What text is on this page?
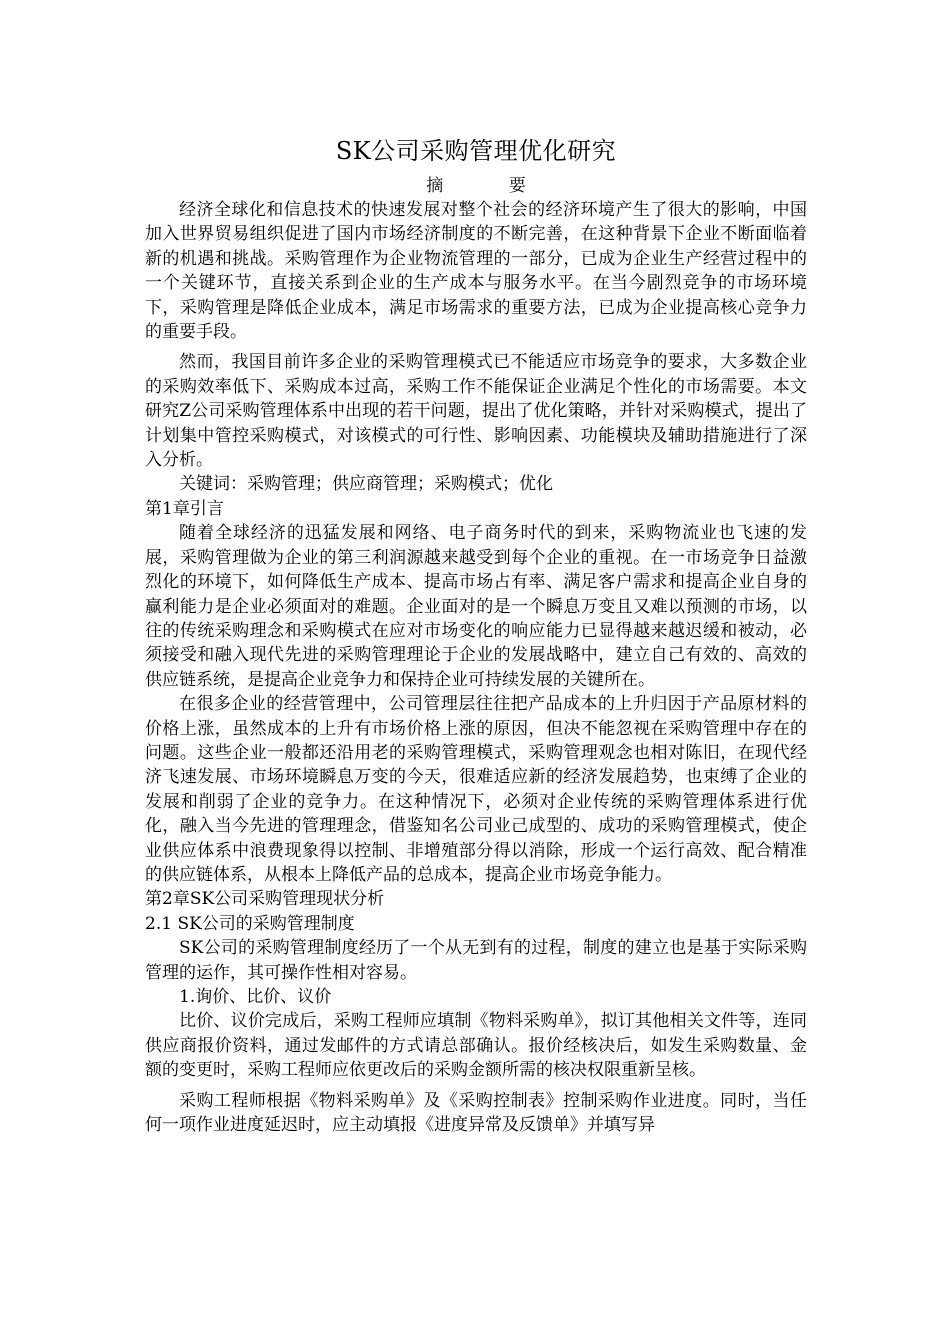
SK公司采购管理优化研究
摘 要

经济全球化和信息技术的快速发展对整个社会的经济环境产生了很大的影响，中国加入世界贸易组织促进了国内市场经济制度的不断完善，在这种背景下企业不断面临着新的机遇和挑战。采购管理作为企业物流管理的一部分，已成为企业生产经营过程中的一个关键环节，直接关系到企业的生产成本与服务水平。在当今剧烈竞争的市场环境下，采购管理是降低企业成本，满足市场需求的重要方法，已成为企业提高核心竞争力的重要手段。

然而，我国目前许多企业的采购管理模式已不能适应市场竞争的要求，大多数企业的采购效率低下、采购成本过高，采购工作不能保证企业满足个性化的市场需要。本文研究Z公司采购管理体系中出现的若干问题，提出了优化策略，并针对采购模式，提出了计划集中管控采购模式，对该模式的可行性、影响因素、功能模块及辅助措施进行了深入分析。

关键词：采购管理；供应商管理；采购模式；优化

第1章引言

随着全球经济的迅猛发展和网络、电子商务时代的到来，采购物流业也飞速的发展，采购管理做为企业的第三利润源越来越受到每个企业的重视。在一市场竞争日益激烈化的环境下，如何降低生产成本、提高市场占有率、满足客户需求和提高企业自身的赢利能力是企业必须面对的难题。企业面对的是一个瞬息万变且又难以预测的市场，以往的传统采购理念和采购模式在应对市场变化的响应能力已显得越来越迟缓和被动，必须接受和融入现代先进的采购管理理论于企业的发展战略中，建立自己有效的、高效的供应链系统，是提高企业竞争力和保持企业可持续发展的关键所在。

在很多企业的经营管理中，公司管理层往往把产品成本的上升归因于产品原材料的价格上涨，虽然成本的上升有市场价格上涨的原因，但决不能忽视在采购管理中存在的问题。这些企业一般都还沿用老的采购管理模式，采购管理观念也相对陈旧，在现代经济飞速发展、市场环境瞬息万变的今天，很难适应新的经济发展趋势，也束缚了企业的发展和削弱了企业的竞争力。在这种情况下，必须对企业传统的采购管理体系进行优化，融入当今先进的管理理念，借鉴知名公司业己成型的、成功的采购管理模式，使企业供应体系中浪费现象得以控制、非增殖部分得以消除，形成一个运行高效、配合精准的供应链体系，从根本上降低产品的总成本，提高企业市场竞争能力。

第2章SK公司采购管理现状分析

2.1 SK公司的采购管理制度

SK公司的采购管理制度经历了一个从无到有的过程，制度的建立也是基于实际采购管理的运作，其可操作性相对容易。

1.询价、比价、议价

比价、议价完成后，采购工程师应填制《物料采购单》，拟订其他相关文件等，连同供应商报价资料，通过发邮件的方式请总部确认。报价经核决后，如发生采购数量、金额的变更时，采购工程师应依更改后的采购金额所需的核决权限重新呈核。

采购工程师根据《物料采购单》及《采购控制表》控制采购作业进度。同时，当任何一项作业进度延迟时，应主动填报《进度异常及反馈单》并填写异
